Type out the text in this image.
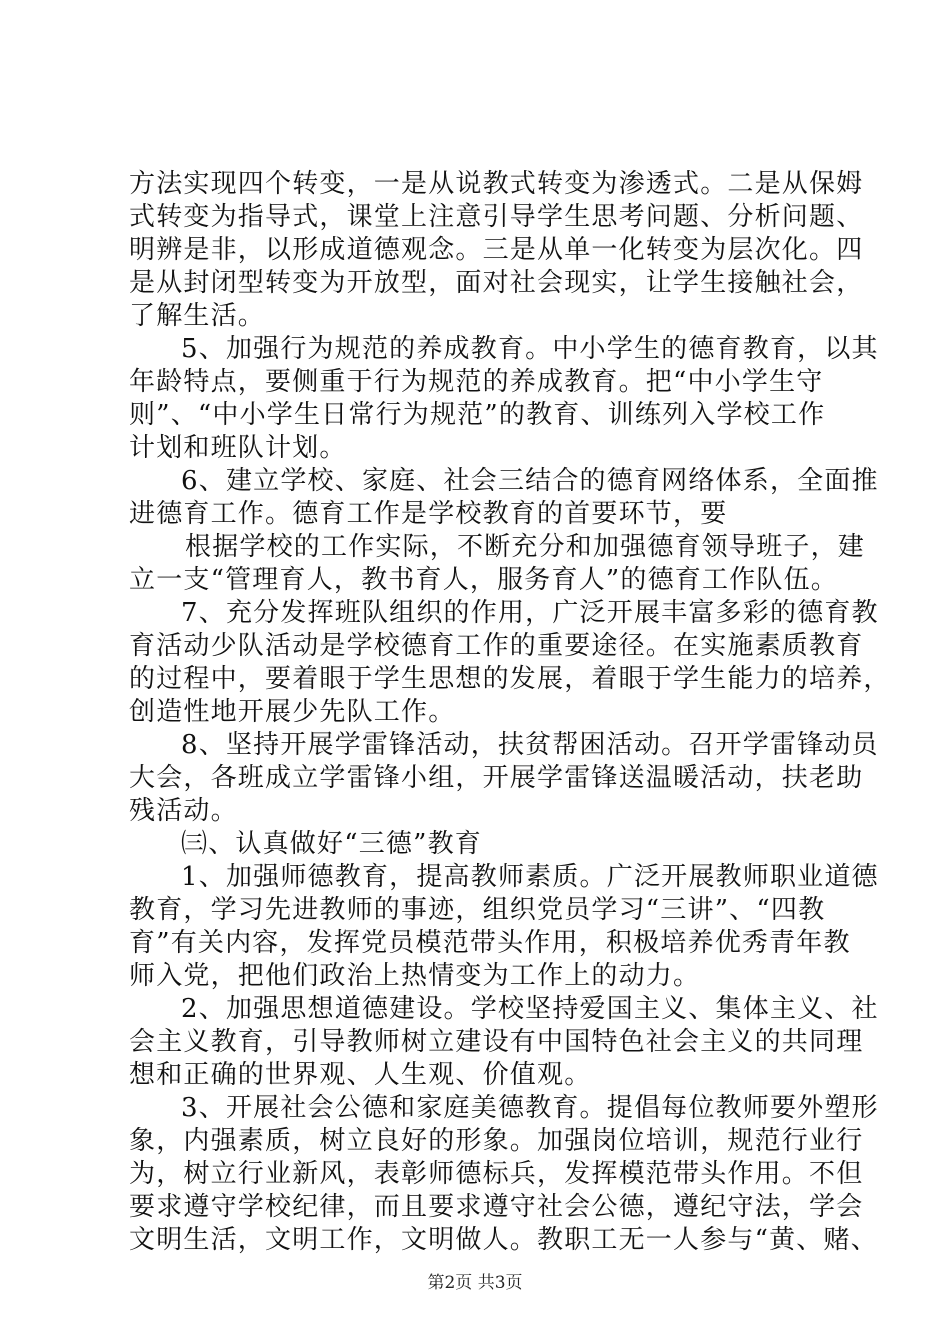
方法实现四个转变，一是从说教式转变为渗透式。二是从保姆
式转变为指导式，课堂上注意引导学生思考问题、分析问题、
明辨是非，以形成道德观念。三是从单一化转变为层次化。四
是从封闭型转变为开放型，面对社会现实，让学生接触社会，
了解生活。
5、加强行为规范的养成教育。中小学生的德育教育，以其
年龄特点，要侧重于行为规范的养成教育。把“中小学生守
则”、“中小学生日常行为规范”的教育、训练列入学校工作
计划和班队计划。
6、建立学校、家庭、社会三结合的德育网络体系，全面推
进德育工作。德育工作是学校教育的首要环节，要
根据学校的工作实际，不断充分和加强德育领导班子，建
立一支“管理育人，教书育人，服务育人”的德育工作队伍。
7、充分发挥班队组织的作用，广泛开展丰富多彩的德育教
育活动少队活动是学校德育工作的重要途径。在实施素质教育
的过程中，要着眼于学生思想的发展，着眼于学生能力的培养，
创造性地开展少先队工作。
8、坚持开展学雷锋活动，扶贫帮困活动。召开学雷锋动员
大会，各班成立学雷锋小组，开展学雷锋送温暖活动，扶老助
残活动。
㈢、认真做好“三德”教育
1、加强师德教育，提高教师素质。广泛开展教师职业道德
教育，学习先进教师的事迹，组织党员学习“三讲”、“四教
育”有关内容，发挥党员模范带头作用，积极培养优秀青年教
师入党，把他们政治上热情变为工作上的动力。
2、加强思想道德建设。学校坚持爱国主义、集体主义、社
会主义教育，引导教师树立建设有中国特色社会主义的共同理
想和正确的世界观、人生观、价值观。
3、开展社会公德和家庭美德教育。提倡每位教师要外塑形
象，内强素质，树立良好的形象。加强岗位培训，规范行业行
为，树立行业新风，表彰师德标兵，发挥模范带头作用。不但
要求遵守学校纪律，而且要求遵守社会公德，遵纪守法，学会
文明生活，文明工作，文明做人。教职工无一人参与“黄、赌、
第2页 共3页
